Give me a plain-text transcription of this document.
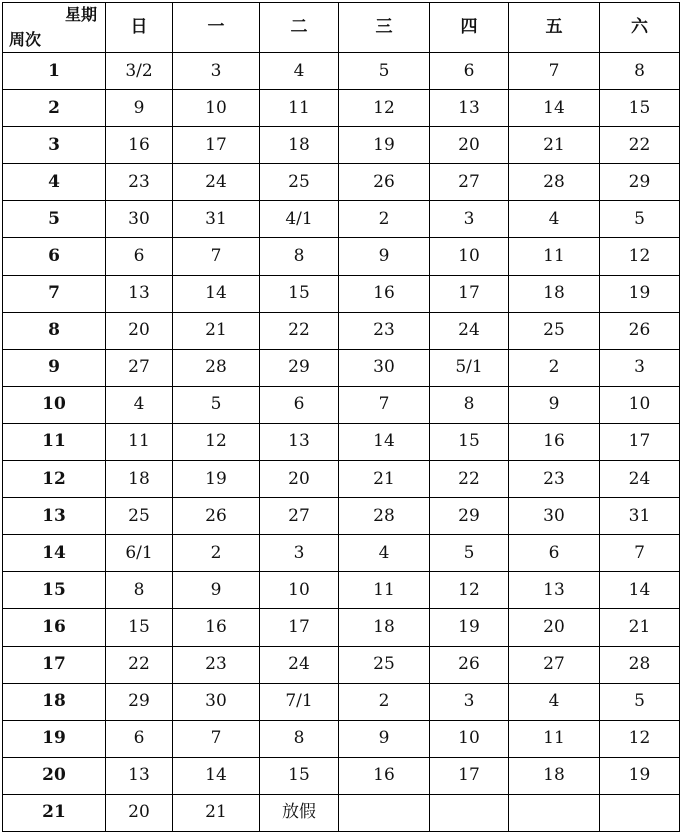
星期
周次	日	一	二	三	四	五	六
1	3/2	3	4	5	6	7	8
2	9	10	11	12	13	14	15
3	16	17	18	19	20	21	22
4	23	24	25	26	27	28	29
5	30	31	4/1	2	3	4	5
6	6	7	8	9	10	11	12
7	13	14	15	16	17	18	19
8	20	21	22	23	24	25	26
9	27	28	29	30	5/1	2	3
10	4	5	6	7	8	9	10
11	11	12	13	14	15	16	17
12	18	19	20	21	22	23	24
13	25	26	27	28	29	30	31
14	6/1	2	3	4	5	6	7
15	8	9	10	11	12	13	14
16	15	16	17	18	19	20	21
17	22	23	24	25	26	27	28
18	29	30	7/1	2	3	4	5
19	6	7	8	9	10	11	12
20	13	14	15	16	17	18	19
21	20	21	放假				
